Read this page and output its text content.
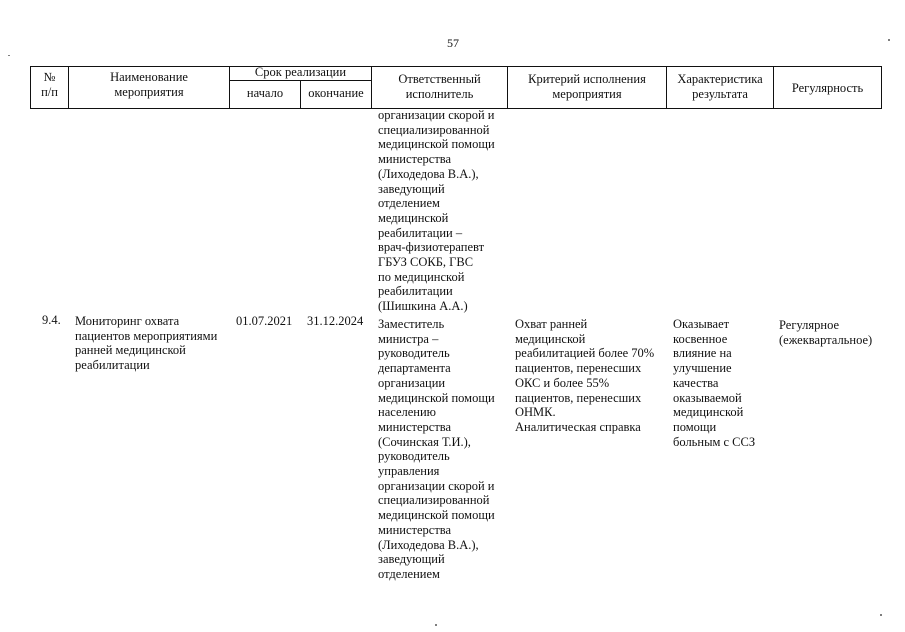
57
№
п/п
Наименование
мероприятия
Срок реализации
начало	окончание
Ответственный
исполнитель
Критерий исполнения
мероприятия
Характеристика
результата	Регулярность
организации скорой и
специализированной
медицинской помощи
министерства
(Лиходедова В.А.),
заведующий
отделением
медицинской
реабилитации –
врач-физиотерапевт
ГБУЗ СОКБ, ГВС
по медицинской
реабилитации
(Шишкина А.А.)
9.4. Мониторинг охвата
пациентов мероприятиями
ранней медицинской
реабилитации
01.07.2021 31.12.2024 Заместитель
министра –
руководитель
департамента
организации
медицинской помощи
населению
министерства
(Сочинская Т.И.),
руководитель
управления
организации скорой и
специализированной
медицинской помощи
министерства
(Лиходедова В.А.),
заведующий
отделением
Охват ранней
медицинской
реабилитацией более 70%
пациентов, перенесших
ОКС и более 55%
пациентов, перенесших
ОНМК.
Аналитическая справка
Оказывает
косвенное
влияние на
улучшение
качества
оказываемой
медицинской
помощи
больным с ССЗ
Регулярное
(ежеквартальное)
